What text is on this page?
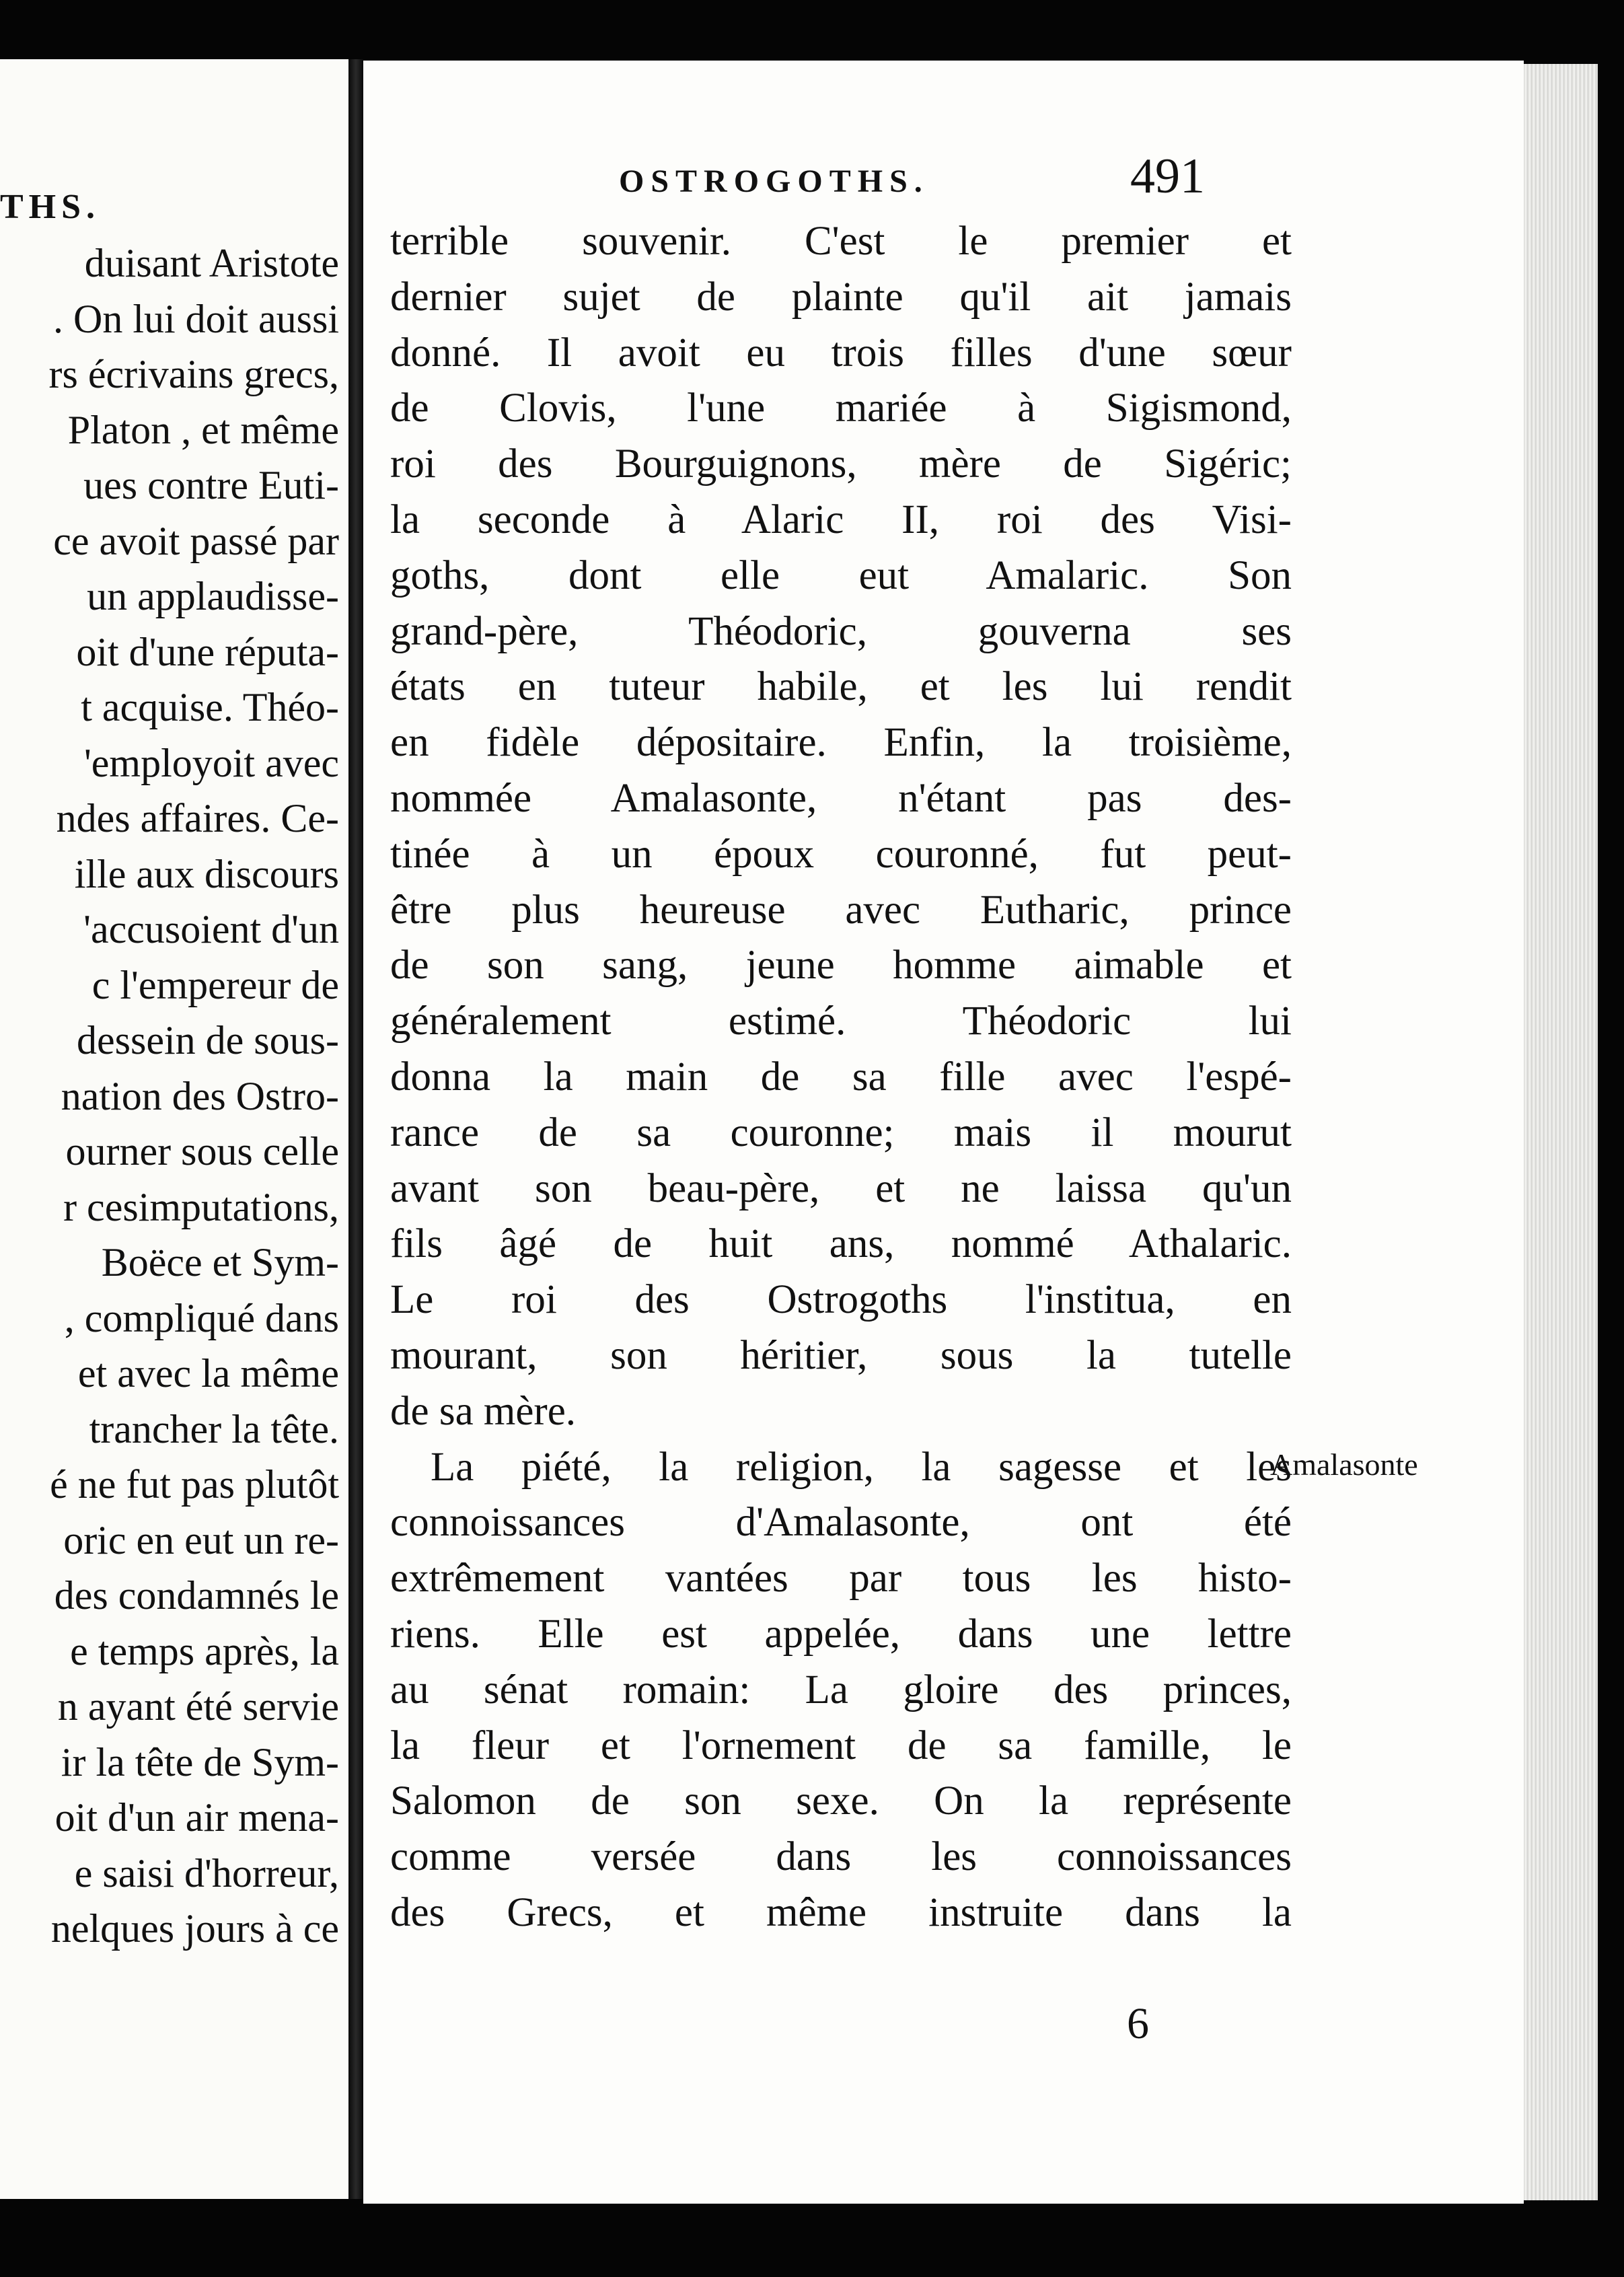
THS.
duisant Aristote
. On lui doit aussi
rs écrivains grecs,
Platon , et même
ues contre Euti-
ce avoit passé par
un applaudisse-
oit d'une réputa-
t acquise. Théo-
'employoit avec
ndes affaires. Ce-
ille aux discours
'accusoient d'un
c l'empereur de
dessein de sous-
nation des Ostro-
ourner sous celle
r cesimputations,
Boëce et Sym-
, compliqué dans
et avec la même
trancher la tête.
é ne fut pas plutôt
oric en eut un re-
des condamnés le
e temps après, la
n ayant été servie
ir la tête de Sym-
oit d'un air mena-
e saisi d'horreur,
nelques jours à ce
OSTROGOTHS.	491
terrible souvenir. C'est le premier et
dernier sujet de plainte qu'il ait jamais
donné. Il avoit eu trois filles d'une sœur
de Clovis, l'une mariée à Sigismond,
roi des Bourguignons, mère de Sigéric;
la seconde à Alaric II, roi des Visi-
goths, dont elle eut Amalaric. Son
grand-père, Théodoric, gouverna ses
états en tuteur habile, et les lui rendit
en fidèle dépositaire. Enfin, la troisième,
nommée Amalasonte, n'étant pas des-
tinée à un époux couronné, fut peut-
être plus heureuse avec Eutharic, prince
de son sang, jeune homme aimable et
généralement estimé. Théodoric lui
donna la main de sa fille avec l'espé-
rance de sa couronne; mais il mourut
avant son beau-père, et ne laissa qu'un
fils âgé de huit ans, nommé Athalaric.
Le roi des Ostrogoths l'institua, en
mourant, son héritier, sous la tutelle
de sa mère.
La piété, la religion, la sagesse et les
connoissances d'Amalasonte, ont été
extrêmement vantées par tous les histo-
riens. Elle est appelée, dans une lettre
au sénat romain: La gloire des princes,
la fleur et l'ornement de sa famille, le
Salomon de son sexe. On la représente
comme versée dans les connoissances
des Grecs, et même instruite dans la
6
Amalasonte
